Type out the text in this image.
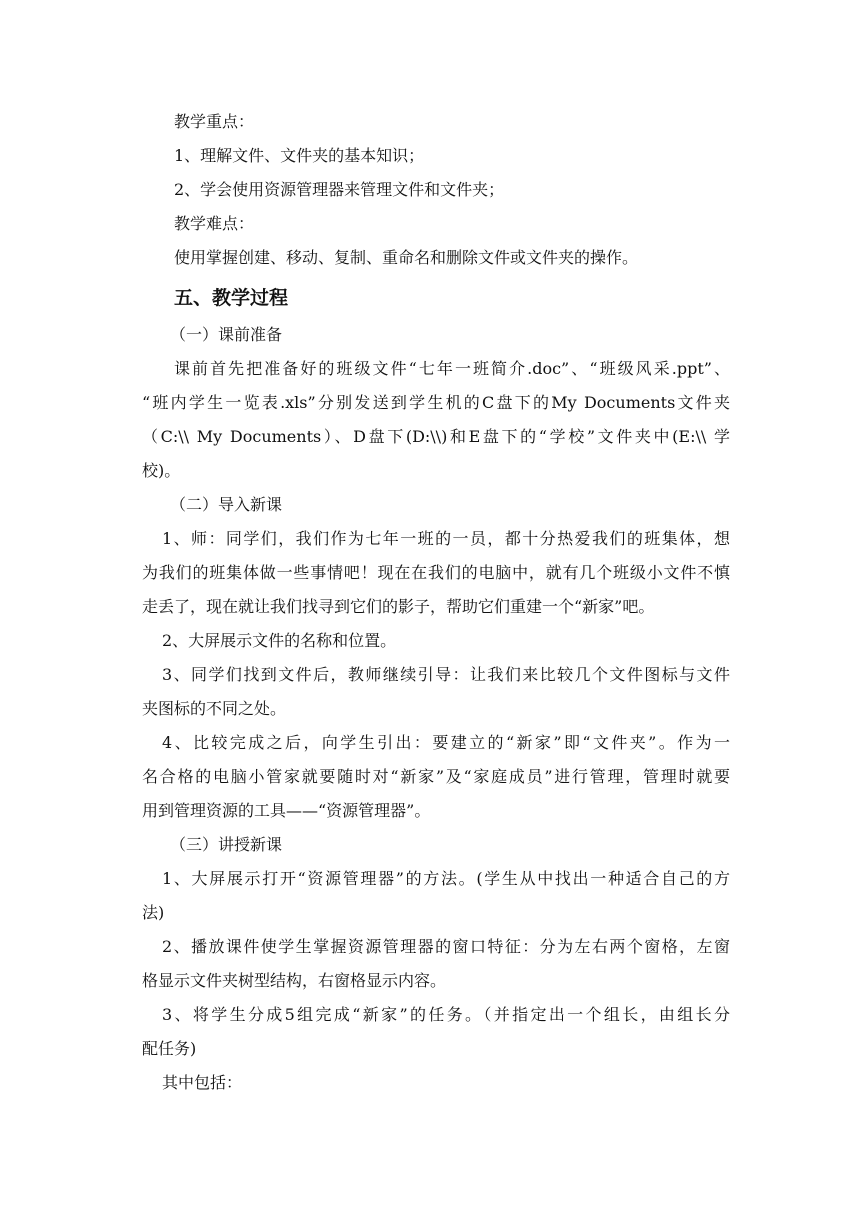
教学重点：
1、理解文件、文件夹的基本知识；
2、学会使用资源管理器来管理文件和文件夹；
教学难点：
使用掌握创建、移动、复制、重命名和删除文件或文件夹的操作。
五、教学过程
（一）课前准备
课前首先把准备好的班级文件“七年一班简介.doc”、“班级风采.ppt”、
“班内学生一览表.xls”分别发送到学生机的C盘下的My Documents文件夹
（C:\\ My Documents）、D盘下(D:\\)和E盘下的“学校”文件夹中(E:\\ 学
校)。
（二）导入新课
1、师：同学们，我们作为七年一班的一员，都十分热爱我们的班集体，想
为我们的班集体做一些事情吧！现在在我们的电脑中，就有几个班级小文件不慎
走丢了，现在就让我们找寻到它们的影子，帮助它们重建一个“新家”吧。
2、大屏展示文件的名称和位置。
3、同学们找到文件后，教师继续引导：让我们来比较几个文件图标与文件
夹图标的不同之处。
4、比较完成之后，向学生引出：要建立的“新家”即“文件夹”。作为一
名合格的电脑小管家就要随时对“新家”及“家庭成员”进行管理，管理时就要
用到管理资源的工具——“资源管理器”。
（三）讲授新课
1、大屏展示打开“资源管理器”的方法。(学生从中找出一种适合自己的方
法)
2、播放课件使学生掌握资源管理器的窗口特征：分为左右两个窗格，左窗
格显示文件夹树型结构，右窗格显示内容。
3、将学生分成5组完成“新家”的任务。（并指定出一个组长，由组长分
配任务)
其中包括：
